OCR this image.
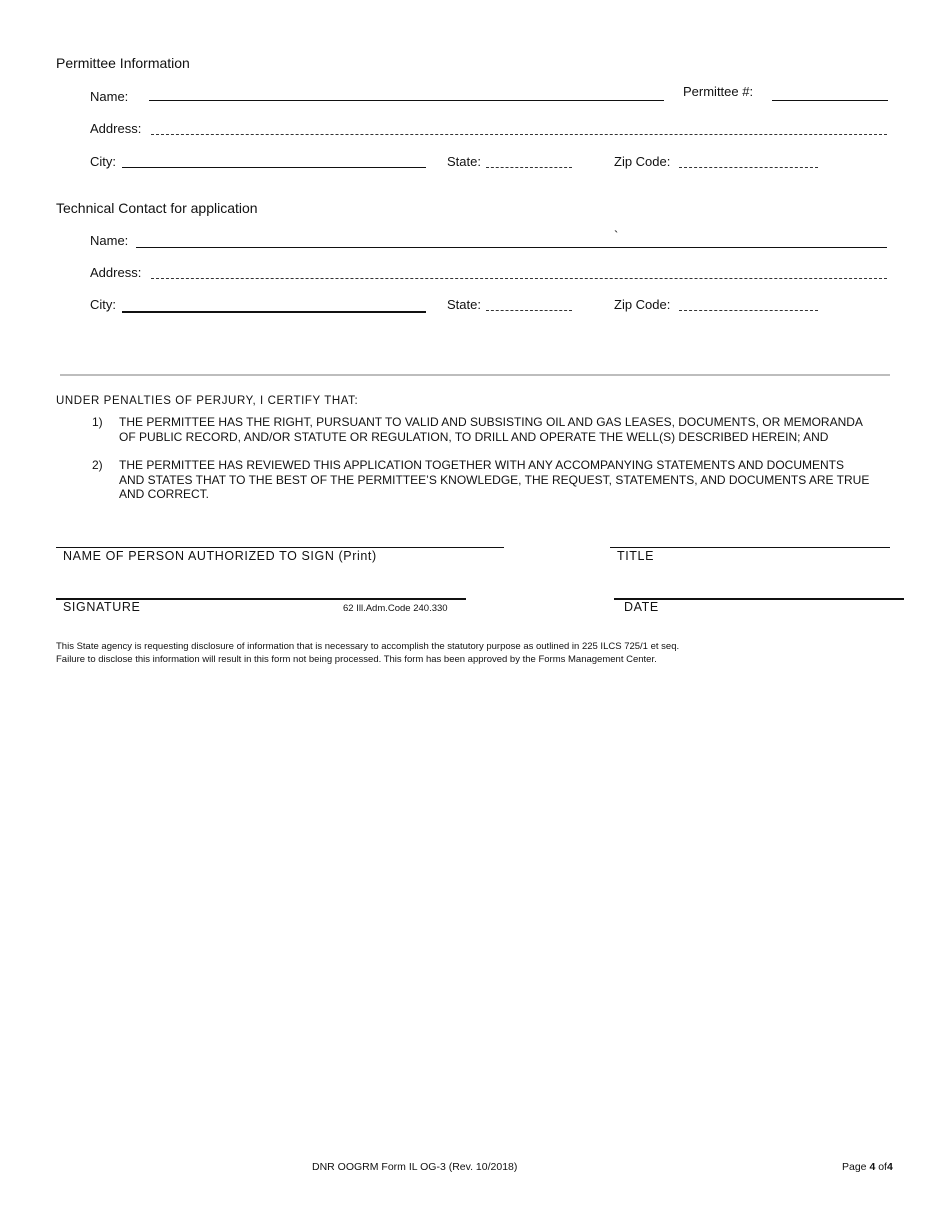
Permittee Information
Name:	Permittee #:
Address:
City:	State:	Zip Code:
Technical Contact for application
Name:	`
Address:
City:	State:	Zip Code:
UNDER PENALTIES OF PERJURY, I CERTIFY THAT:
1) THE PERMITTEE HAS THE RIGHT, PURSUANT TO VALID AND SUBSISTING OIL AND GAS LEASES, DOCUMENTS, OR MEMORANDA OF PUBLIC RECORD, AND/OR STATUTE OR REGULATION, TO DRILL AND OPERATE THE WELL(S) DESCRIBED HEREIN; AND
2) THE PERMITTEE HAS REVIEWED THIS APPLICATION TOGETHER WITH ANY ACCOMPANYING STATEMENTS AND DOCUMENTS AND STATES THAT TO THE BEST OF THE PERMITTEE’S KNOWLEDGE, THE REQUEST, STATEMENTS, AND DOCUMENTS ARE TRUE AND CORRECT.
NAME OF PERSON AUTHORIZED TO SIGN (Print)	TITLE
SIGNATURE	62 Ill.Adm.Code 240.330	DATE
This State agency is requesting disclosure of information that is necessary to accomplish the statutory purpose as outlined in 225 ILCS 725/1 et seq.
Failure to disclose this information will result in this form not being processed. This form has been approved by the Forms Management Center.
DNR OOGRM Form IL OG-3 (Rev. 10/2018)	Page 4 of4
